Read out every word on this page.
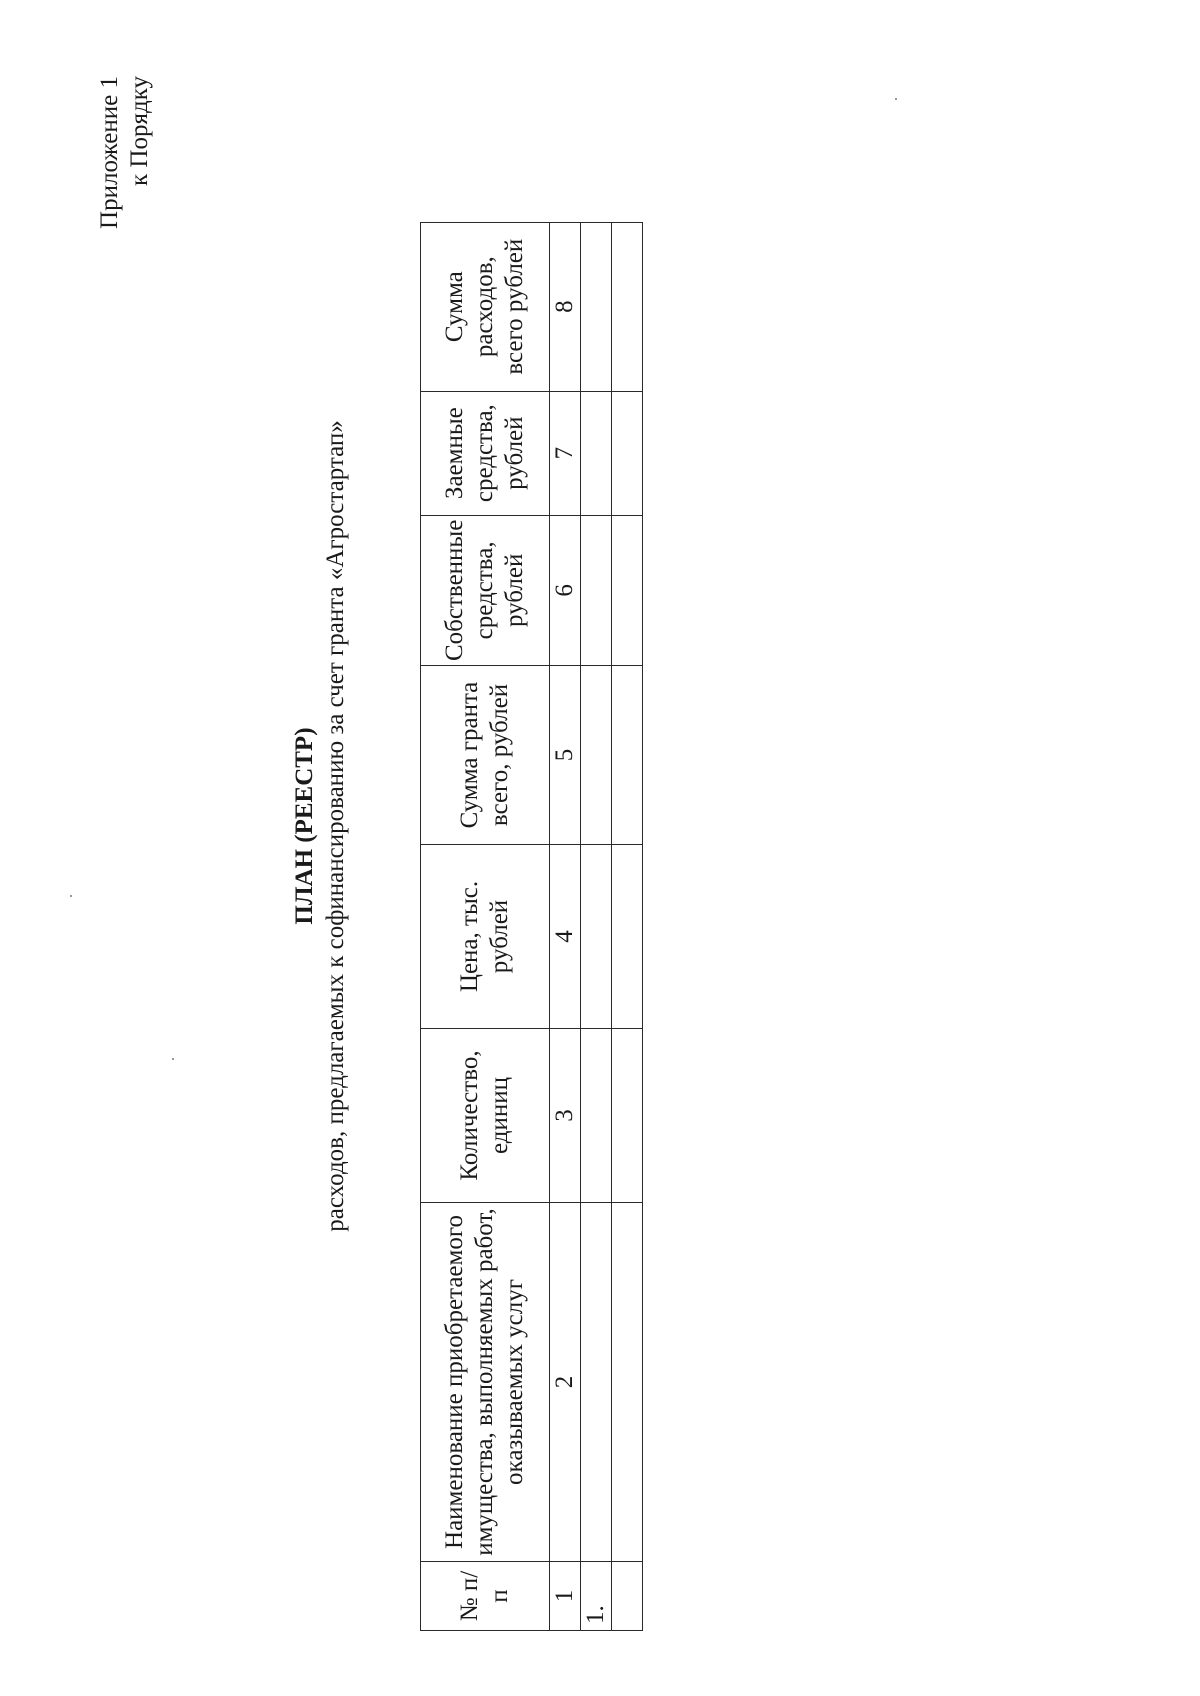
Приложение 1 к Порядку
ПЛАН (РЕЕСТР) расходов, предлагаемых к софинансированию за счет гранта «Агростартап»
№ п/п	Наименование приобретаемого имущества, выполняемых работ, оказываемых услуг	Количество, единиц	Цена, тыс. рублей	Сумма гранта всего, рублей	Собственные средства, рублей	Заемные средства, рублей	Сумма расходов, всего рублей
1	2	3	4	5	6	7	8
1.							
